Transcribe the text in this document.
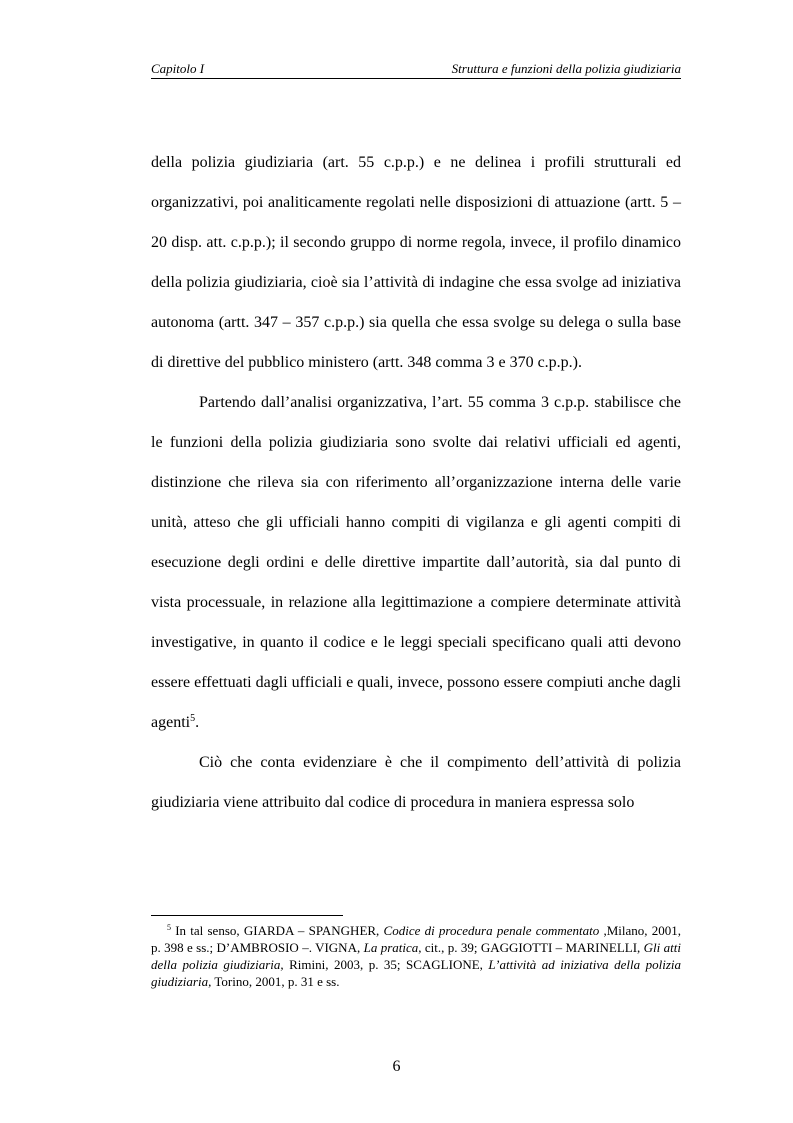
Capitolo I	Struttura e funzioni della polizia giudiziaria

della polizia giudiziaria (art. 55 c.p.p.) e ne delinea i profili strutturali ed organizzativi, poi analiticamente regolati nelle disposizioni di attuazione (artt. 5 – 20 disp. att. c.p.p.); il secondo gruppo di norme regola, invece, il profilo dinamico della polizia giudiziaria, cioè sia l’attività di indagine che essa svolge ad iniziativa autonoma (artt. 347 – 357 c.p.p.) sia quella che essa svolge su delega o sulla base di direttive del pubblico ministero (artt. 348 comma 3 e 370 c.p.p.).

Partendo dall’analisi organizzativa, l’art. 55 comma 3 c.p.p. stabilisce che le funzioni della polizia giudiziaria sono svolte dai relativi ufficiali ed agenti, distinzione che rileva sia con riferimento all’organizzazione interna delle varie unità, atteso che gli ufficiali hanno compiti di vigilanza e gli agenti compiti di esecuzione degli ordini e delle direttive impartite dall’autorità, sia dal punto di vista processuale, in relazione alla legittimazione a compiere determinate attività investigative, in quanto il codice e le leggi speciali specificano quali atti devono essere effettuati dagli ufficiali e quali, invece, possono essere compiuti anche dagli agenti$^5$.

Ciò che conta evidenziare è che il compimento dell’attività di polizia giudiziaria viene attribuito dal codice di procedura in maniera espressa solo

$^5$ In tal senso, GIARDA – SPANGHER, Codice di procedura penale commentato ,Milano, 2001, p. 398 e ss.; D’AMBROSIO –. VIGNA, La pratica, cit., p. 39; GAGGIOTTI – MARINELLI, Gli atti della polizia giudiziaria, Rimini, 2003, p. 35; SCAGLIONE, L’attività ad iniziativa della polizia giudiziaria, Torino, 2001, p. 31 e ss.
6
